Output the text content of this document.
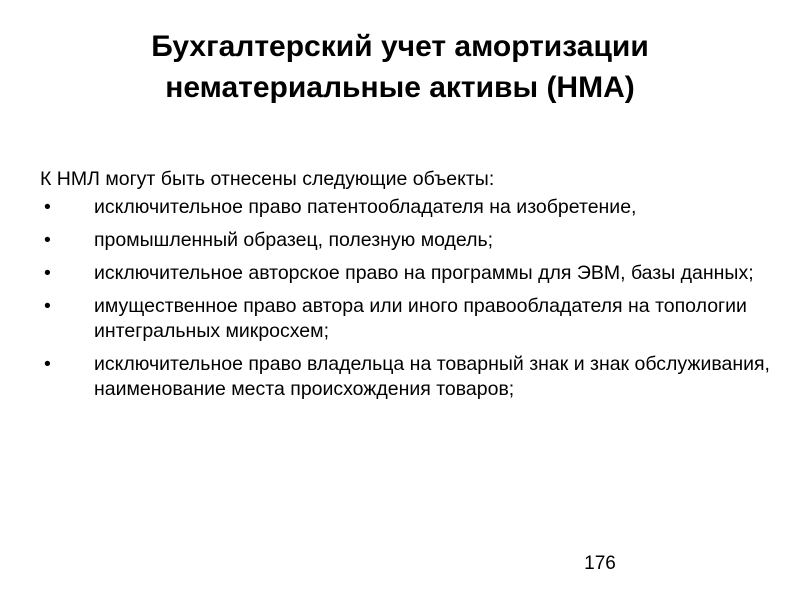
Бухгалтерский учет амортизации
нематериальные активы (НМА)

К НМЛ могут быть отнесены следующие объекты:

• исключительное право патентообладателя на изобретение,
• промышленный образец, полезную модель;
• исключительное авторское право на программы для ЭВМ, базы данных;
• имущественное право автора или иного правообладателя на топологии интегральных микросхем;
• исключительное право владельца на товарный знак и знак обслуживания, наименование места происхождения товаров;
176
